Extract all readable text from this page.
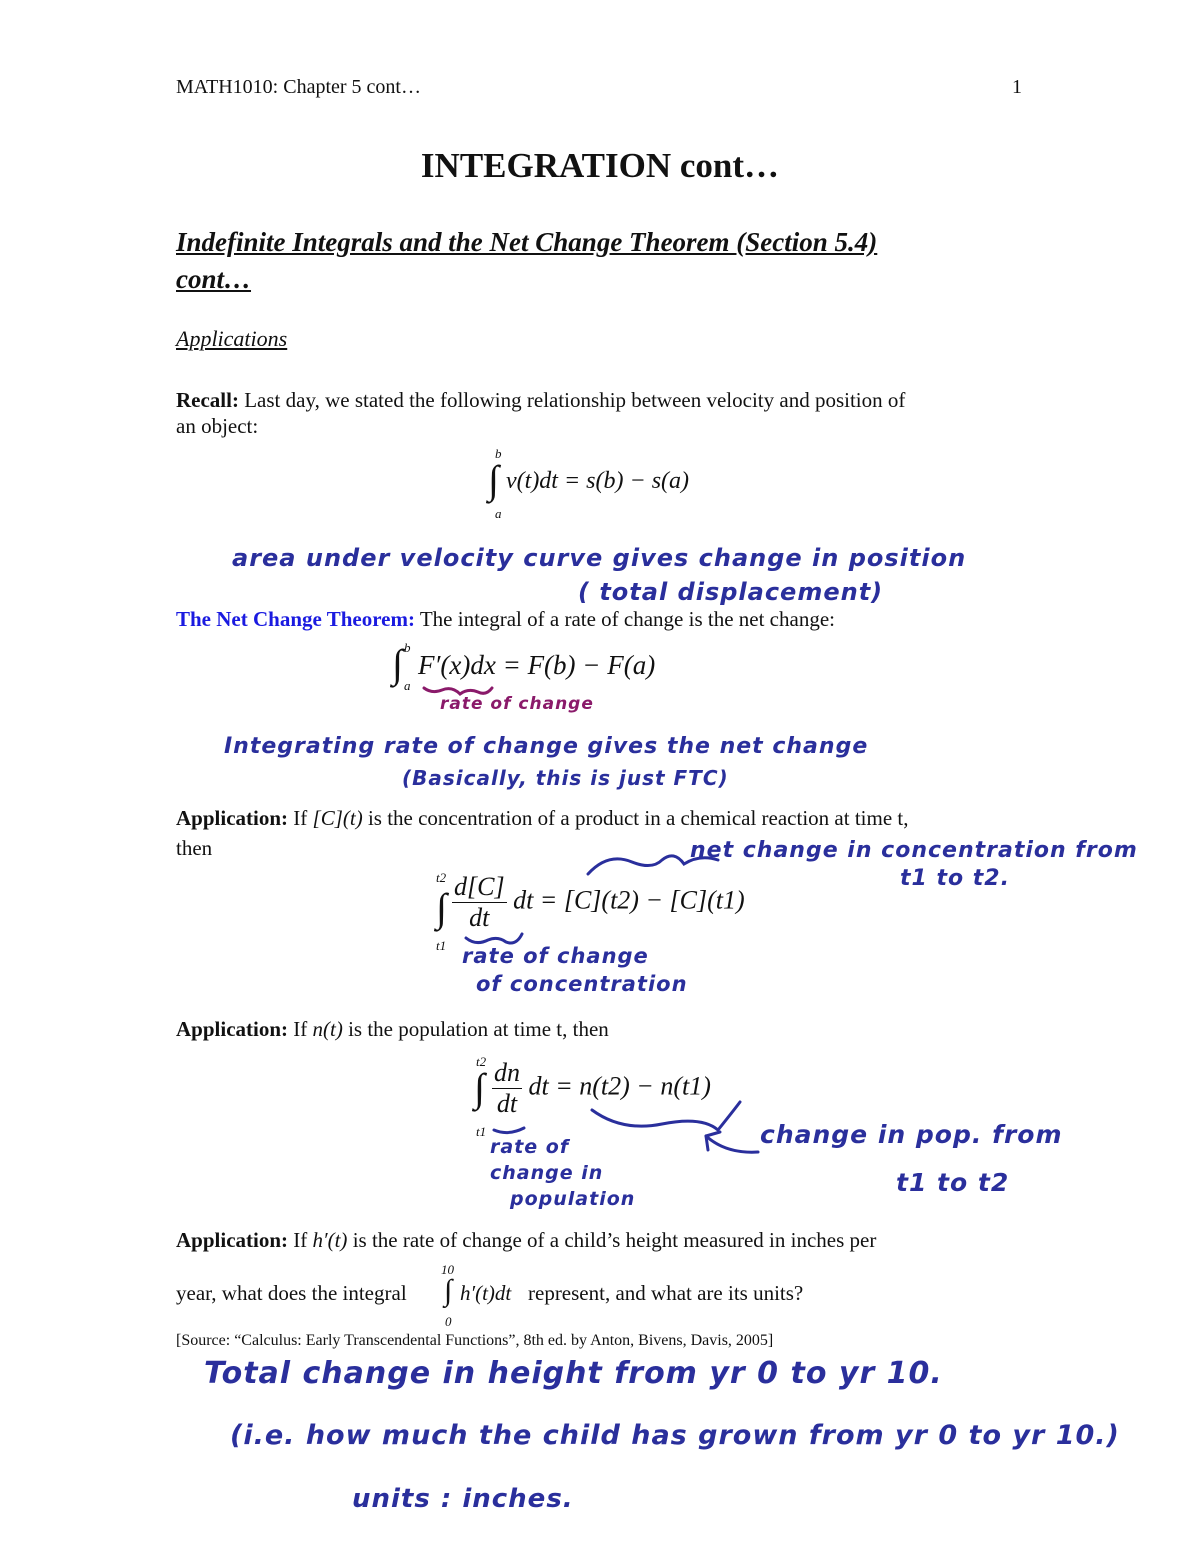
MATH1010: Chapter 5 cont…	1
INTEGRATION cont…
Indefinite Integrals and the Net Change Theorem (Section 5.4)
cont…
Applications
Recall: Last day, we stated the following relationship between velocity and position of
an object:
b
∫
a
v(t)dt = s(b) − s(a)
area under velocity curve gives change in position
( total displacement)
The Net Change Theorem: The integral of a rate of change is the net change:
b
∫ a
F′(x)dx = F(b) − F(a)
rate of change
Integrating rate of change gives the net change
(Basically, this is just FTC)
Application: If [C](t) is the concentration of a product in a chemical reaction at time t,
then
t2
∫
t1
$\frac{d[C]}{dt}$ dt = [C](t2) − [C](t1)
net change in concentration from
t1 to t2.
rate of change
of concentration
Application: If n(t) is the population at time t, then
t2
∫
t1
$\frac{dn}{dt}$ dt = n(t2) − n(t1)
rate of
change in
population
change in pop. from
t1 to t2
Application: If h′(t) is the rate of change of a child’s height measured in inches per
year, what does the integral
10
∫
0
h′(t)dt represent, and what are its units?
[Source: “Calculus: Early Transcendental Functions”, 8th ed. by Anton, Bivens, Davis, 2005]
Total change in height from yr 0 to yr 10.
(i.e. how much the child has grown from yr 0 to yr 10.)
units : inches.
